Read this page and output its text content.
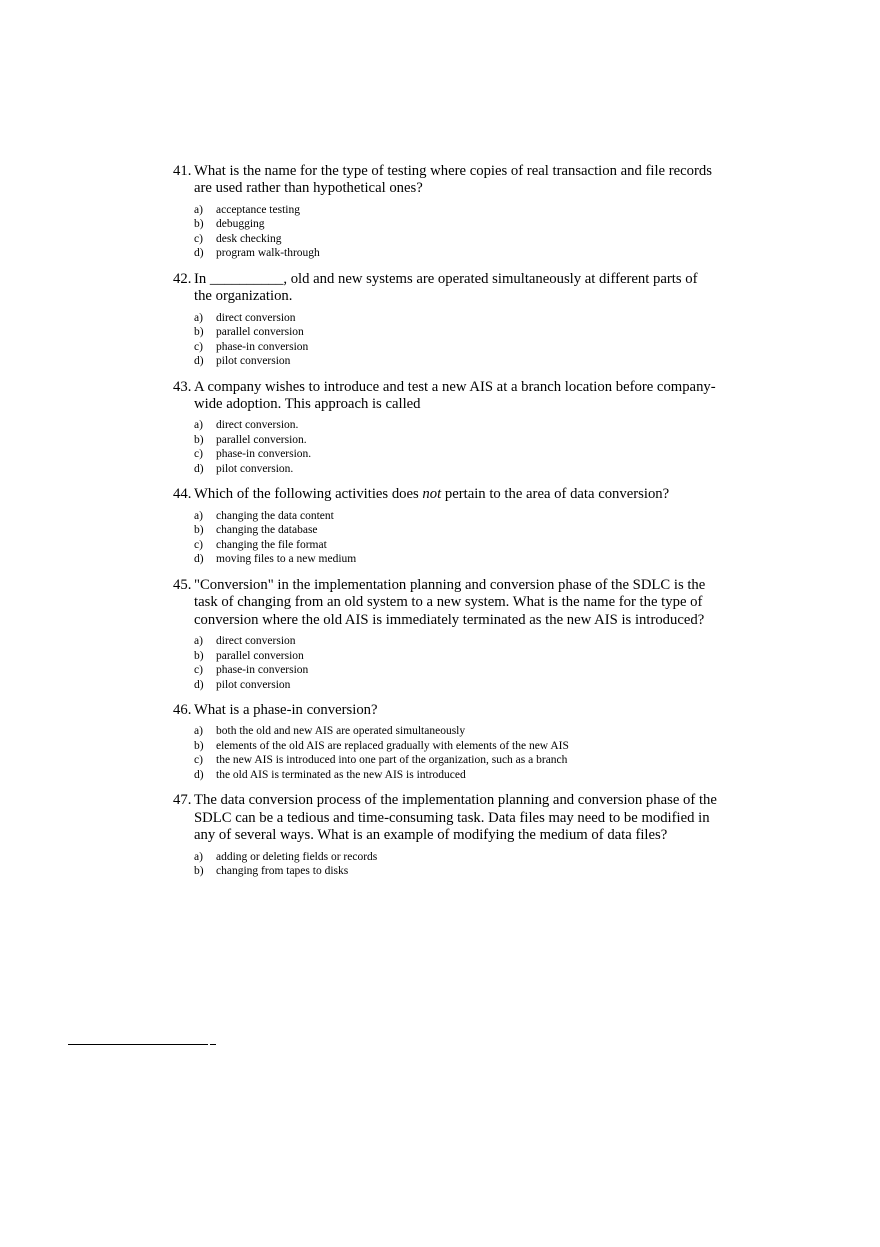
41. What is the name for the type of testing where copies of real transaction and file records are used rather than hypothetical ones?
a)	acceptance testing
b)	debugging
c)	desk checking
d)	program walk-through
42. In __________, old and new systems are operated simultaneously at different parts of the organization.
a)	direct conversion
b)	parallel conversion
c)	phase-in conversion
d)	pilot conversion
43. A company wishes to introduce and test a new AIS at a branch location before company-wide adoption. This approach is called
a)	direct conversion.
b)	parallel conversion.
c)	phase-in conversion.
d)	pilot conversion.
44. Which of the following activities does not pertain to the area of data conversion?
a)	changing the data content
b)	changing the database
c)	changing the file format
d)	moving files to a new medium
45. "Conversion" in the implementation planning and conversion phase of the SDLC is the task of changing from an old system to a new system. What is the name for the type of conversion where the old AIS is immediately terminated as the new AIS is introduced?
a)	direct conversion
b)	parallel conversion
c)	phase-in conversion
d)	pilot conversion
46. What is a phase-in conversion?
a)	both the old and new AIS are operated simultaneously
b)	elements of the old AIS are replaced gradually with elements of the new AIS
c)	the new AIS is introduced into one part of the organization, such as a branch
d)	the old AIS is terminated as the new AIS is introduced
47. The data conversion process of the implementation planning and conversion phase of the SDLC can be a tedious and time-consuming task. Data files may need to be modified in any of several ways. What is an example of modifying the medium of data files?
a)	adding or deleting fields or records
b)	changing from tapes to disks
